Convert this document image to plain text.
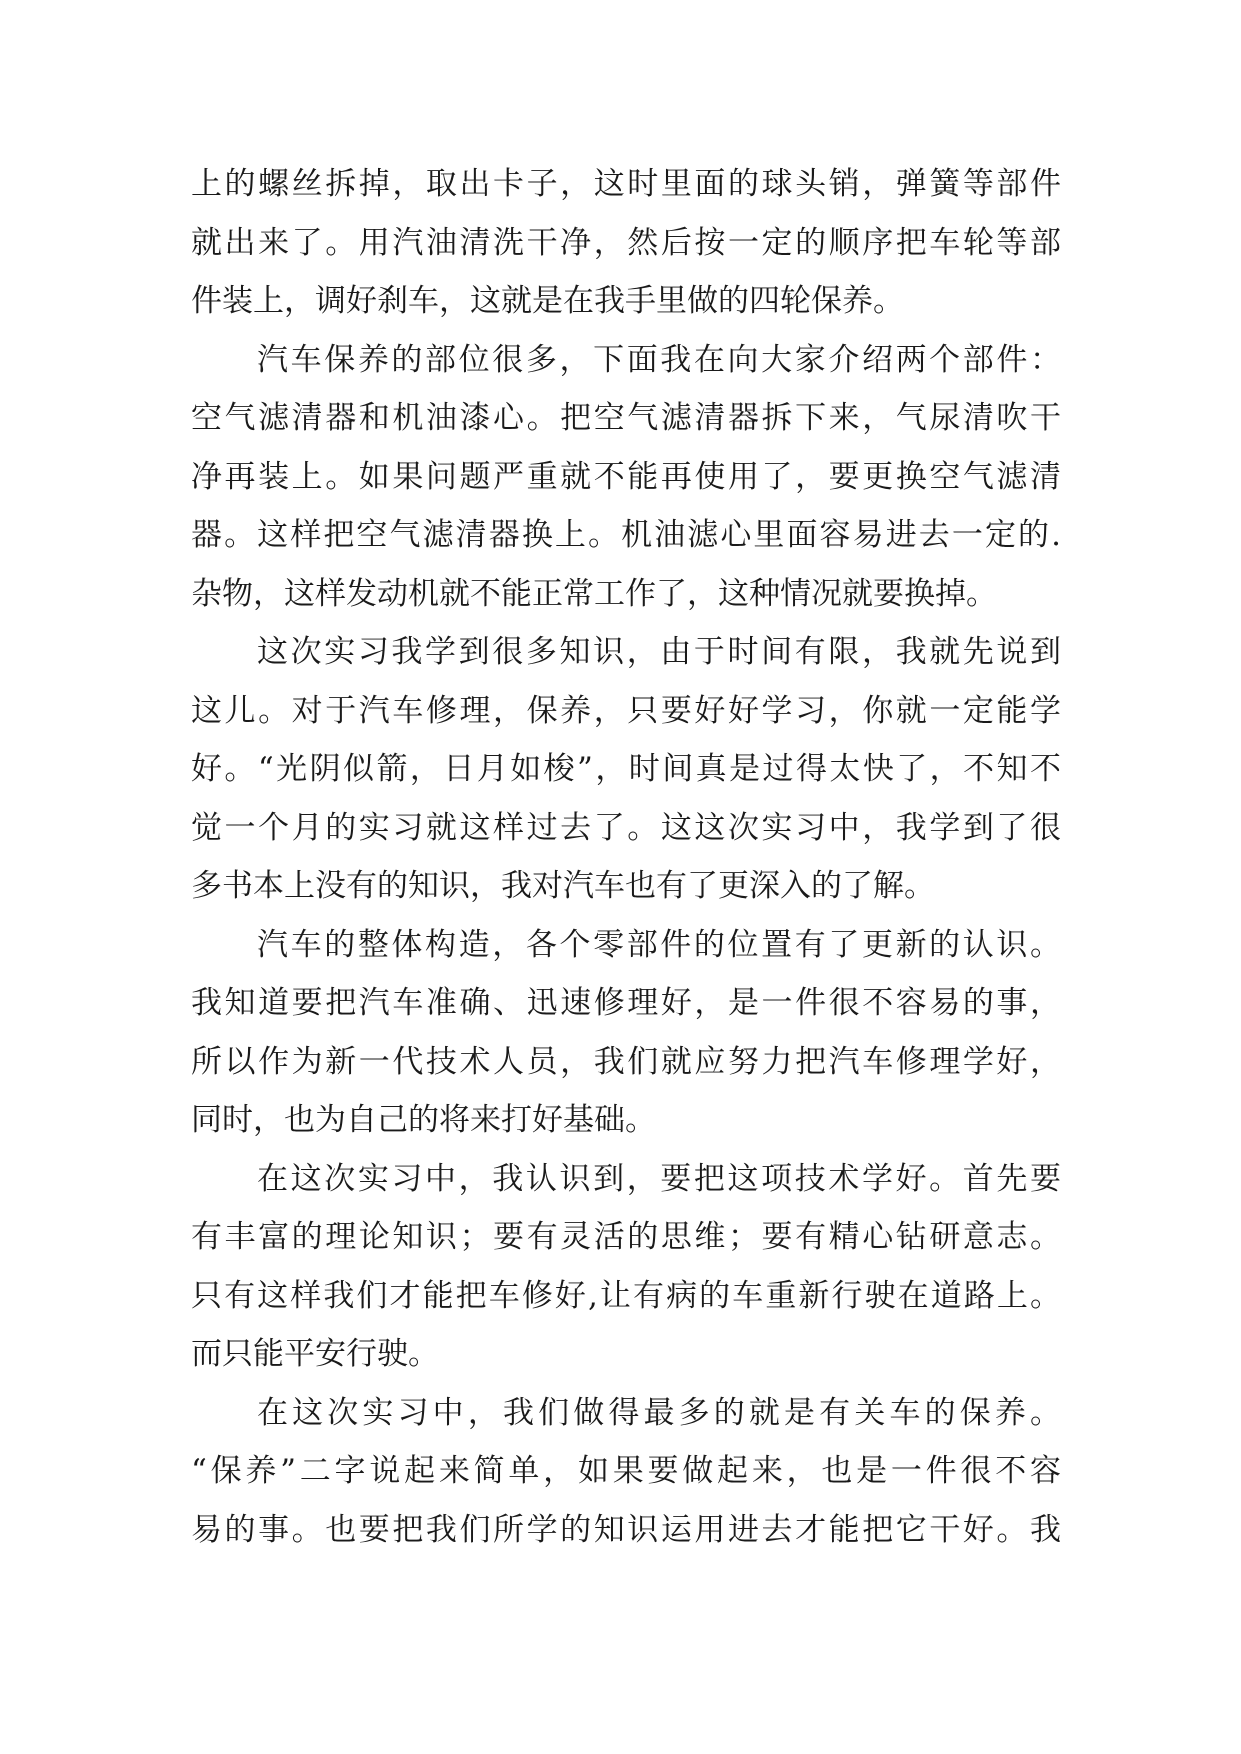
上的螺丝拆掉，取出卡子，这时里面的球头销，弹簧等部件
就出来了。用汽油清洗干净，然后按一定的顺序把车轮等部
件装上，调好刹车，这就是在我手里做的四轮保养。
汽车保养的部位很多，下面我在向大家介绍两个部件：
空气滤清器和机油漆心。把空气滤清器拆下来，气尿清吹干
净再装上。如果问题严重就不能再使用了，要更换空气滤清
器。这样把空气滤清器换上。机油滤心里面容易进去一定的.
杂物，这样发动机就不能正常工作了，这种情况就要换掉。
这次实习我学到很多知识，由于时间有限，我就先说到
这儿。对于汽车修理，保养，只要好好学习，你就一定能学
好。“光阴似箭，日月如梭”，时间真是过得太快了，不知不
觉一个月的实习就这样过去了。这这次实习中，我学到了很
多书本上没有的知识，我对汽车也有了更深入的了解。
汽车的整体构造，各个零部件的位置有了更新的认识。
我知道要把汽车准确、迅速修理好，是一件很不容易的事，
所以作为新一代技术人员，我们就应努力把汽车修理学好，
同时，也为自己的将来打好基础。
在这次实习中，我认识到，要把这项技术学好。首先要
有丰富的理论知识；要有灵活的思维；要有精心钻研意志。
只有这样我们才能把车修好,让有病的车重新行驶在道路上。
而只能平安行驶。
在这次实习中，我们做得最多的就是有关车的保养。
“保养”二字说起来简单，如果要做起来，也是一件很不容
易的事。也要把我们所学的知识运用进去才能把它干好。我
